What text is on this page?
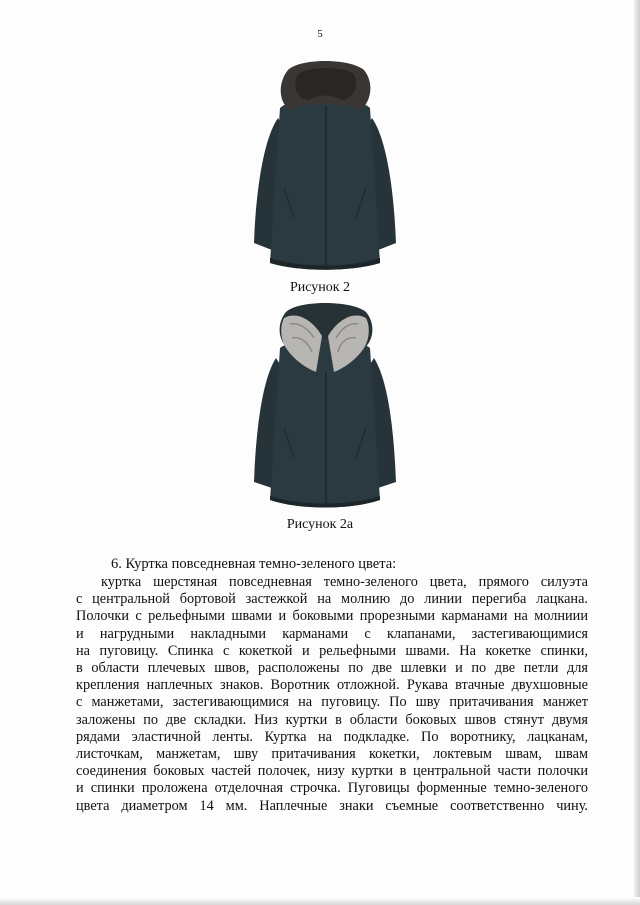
5
Рисунок 2
Рисунок 2а
6. Куртка повседневная темно-зеленого цвета:
куртка шерстяная повседневная темно-зеленого цвета, прямого силуэта
с центральной бортовой застежкой на молнию до линии перегиба лацкана.
Полочки с рельефными швами и боковыми прорезными карманами на молниии
и нагрудными накладными карманами с клапанами, застегивающимися
на пуговицу. Спинка с кокеткой и рельефными швами. На кокетке спинки,
в области плечевых швов, расположены по две шлевки и по две петли для
крепления наплечных знаков. Воротник отложной. Рукава втачные двухшовные
с манжетами, застегивающимися на пуговицу. По шву притачивания манжет
заложены по две складки. Низ куртки в области боковых швов стянут двумя
рядами эластичной ленты. Куртка на подкладке. По воротнику, лацканам,
листочкам, манжетам, шву притачивания кокетки, локтевым швам, швам
соединения боковых частей полочек, низу куртки в центральной части полочки
и спинки проложена отделочная строчка. Пуговицы форменные темно-зеленого
цвета диаметром 14 мм. Наплечные знаки съемные соответственно чину.
